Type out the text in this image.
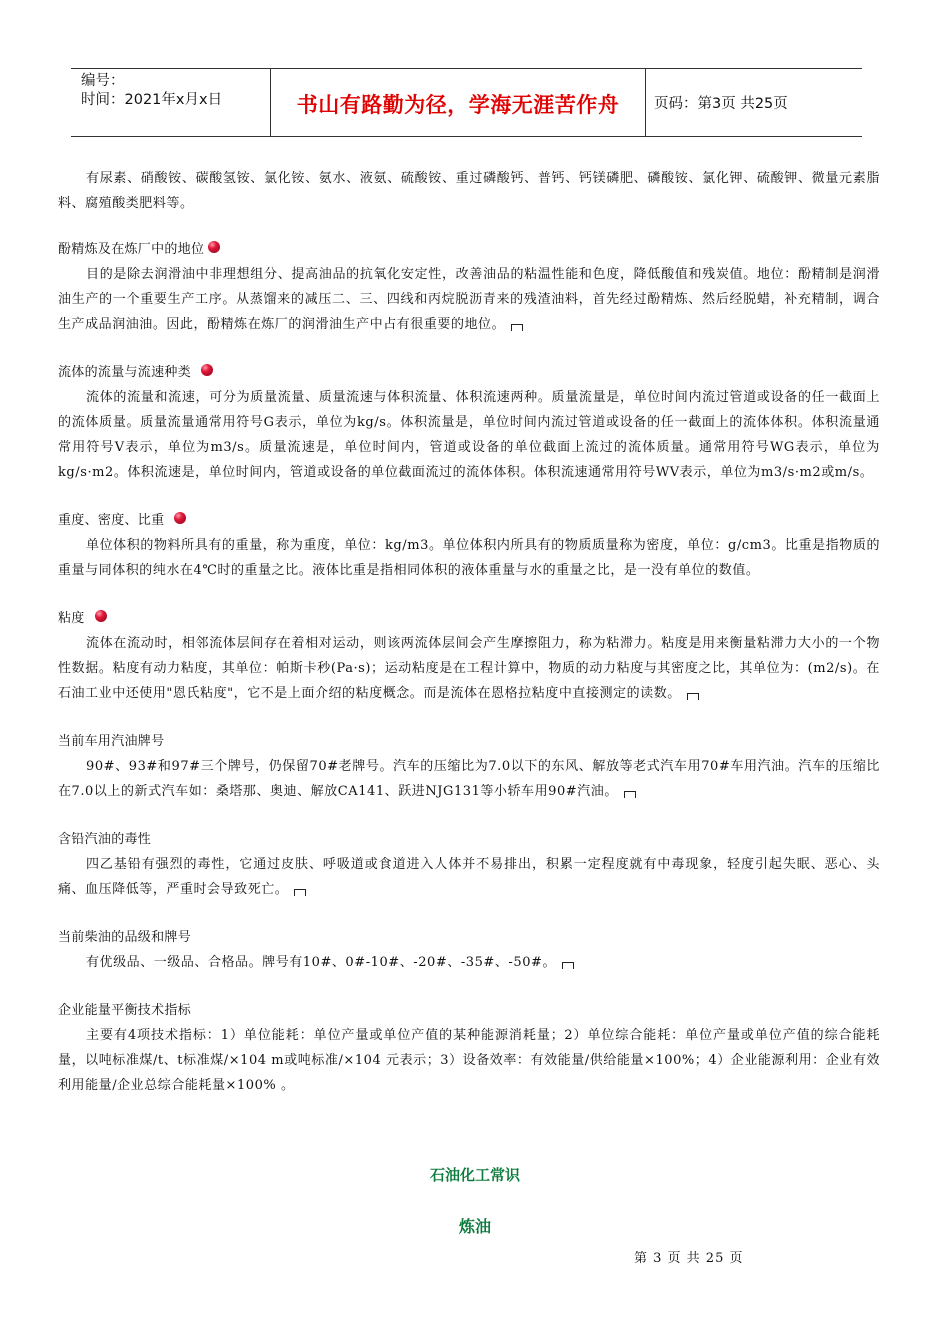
编号：
时间：2021年x月x日	书山有路勤为径，学海无涯苦作舟	页码：第3页 共25页

有尿素、硝酸铵、碳酸氢铵、氯化铵、氨水、液氨、硫酸铵、重过磷酸钙、普钙、钙镁磷肥、磷酸铵、氯化钾、硫酸钾、微量元素脂料、腐殖酸类肥料等。

酚精炼及在炼厂中的地位

目的是除去润滑油中非理想组分、提高油品的抗氧化安定性，改善油品的粘温性能和色度，降低酸值和残炭值。地位：酚精制是润滑油生产的一个重要生产工序。从蒸馏来的减压二、三、四线和丙烷脱沥青来的残渣油料，首先经过酚精炼、然后经脱蜡，补充精制，调合生产成品润油油。因此，酚精炼在炼厂的润滑油生产中占有很重要的地位。

流体的流量与流速种类

流体的流量和流速，可分为质量流量、质量流速与体积流量、体积流速两种。质量流量是，单位时间内流过管道或设备的任一截面上的流体质量。质量流量通常用符号G表示，单位为kg/s。体积流量是，单位时间内流过管道或设备的任一截面上的流体体积。体积流量通常用符号V表示，单位为m3/s。质量流速是，单位时间内，管道或设备的单位截面上流过的流体质量。通常用符号WG表示，单位为kg/s·m2。体积流速是，单位时间内，管道或设备的单位截面流过的流体体积。体积流速通常用符号WV表示，单位为m3/s·m2或m/s。

重度、密度、比重

单位体积的物料所具有的重量，称为重度，单位：kg/m3。单位体积内所具有的物质质量称为密度，单位：g/cm3。比重是指物质的重量与同体积的纯水在4℃时的重量之比。液体比重是指相同体积的液体重量与水的重量之比，是一没有单位的数值。

粘度

流体在流动时，相邻流体层间存在着相对运动，则该两流体层间会产生摩擦阻力，称为粘滞力。粘度是用来衡量粘滞力大小的一个物性数据。粘度有动力粘度，其单位：帕斯卡秒(Pa·s)；运动粘度是在工程计算中，物质的动力粘度与其密度之比，其单位为：(m2/s)。在石油工业中还使用"恩氏粘度"，它不是上面介绍的粘度概念。而是流体在恩格拉粘度中直接测定的读数。

当前车用汽油牌号

90#、93#和97#三个牌号，仍保留70#老牌号。汽车的压缩比为7.0以下的东风、解放等老式汽车用70#车用汽油。汽车的压缩比在7.0以上的新式汽车如：桑塔那、奥迪、解放CA141、跃进NJG131等小轿车用90#汽油。

含铅汽油的毒性

四乙基铅有强烈的毒性，它通过皮肤、呼吸道或食道进入人体并不易排出，积累一定程度就有中毒现象，轻度引起失眠、恶心、头痛、血压降低等，严重时会导致死亡。

当前柴油的品级和牌号

有优级品、一级品、合格品。牌号有10#、0#-10#、-20#、-35#、-50#。

企业能量平衡技术指标

主要有4项技术指标：1）单位能耗：单位产量或单位产值的某种能源消耗量；2）单位综合能耗：单位产量或单位产值的综合能耗量，以吨标准煤/t、t标准煤/×104 m或吨标准/×104 元表示；3）设备效率：有效能量/供给能量×100%；4）企业能源利用：企业有效利用能量/企业总综合能耗量×100% 。

石油化工常识
炼油
第 3 页 共 25 页
